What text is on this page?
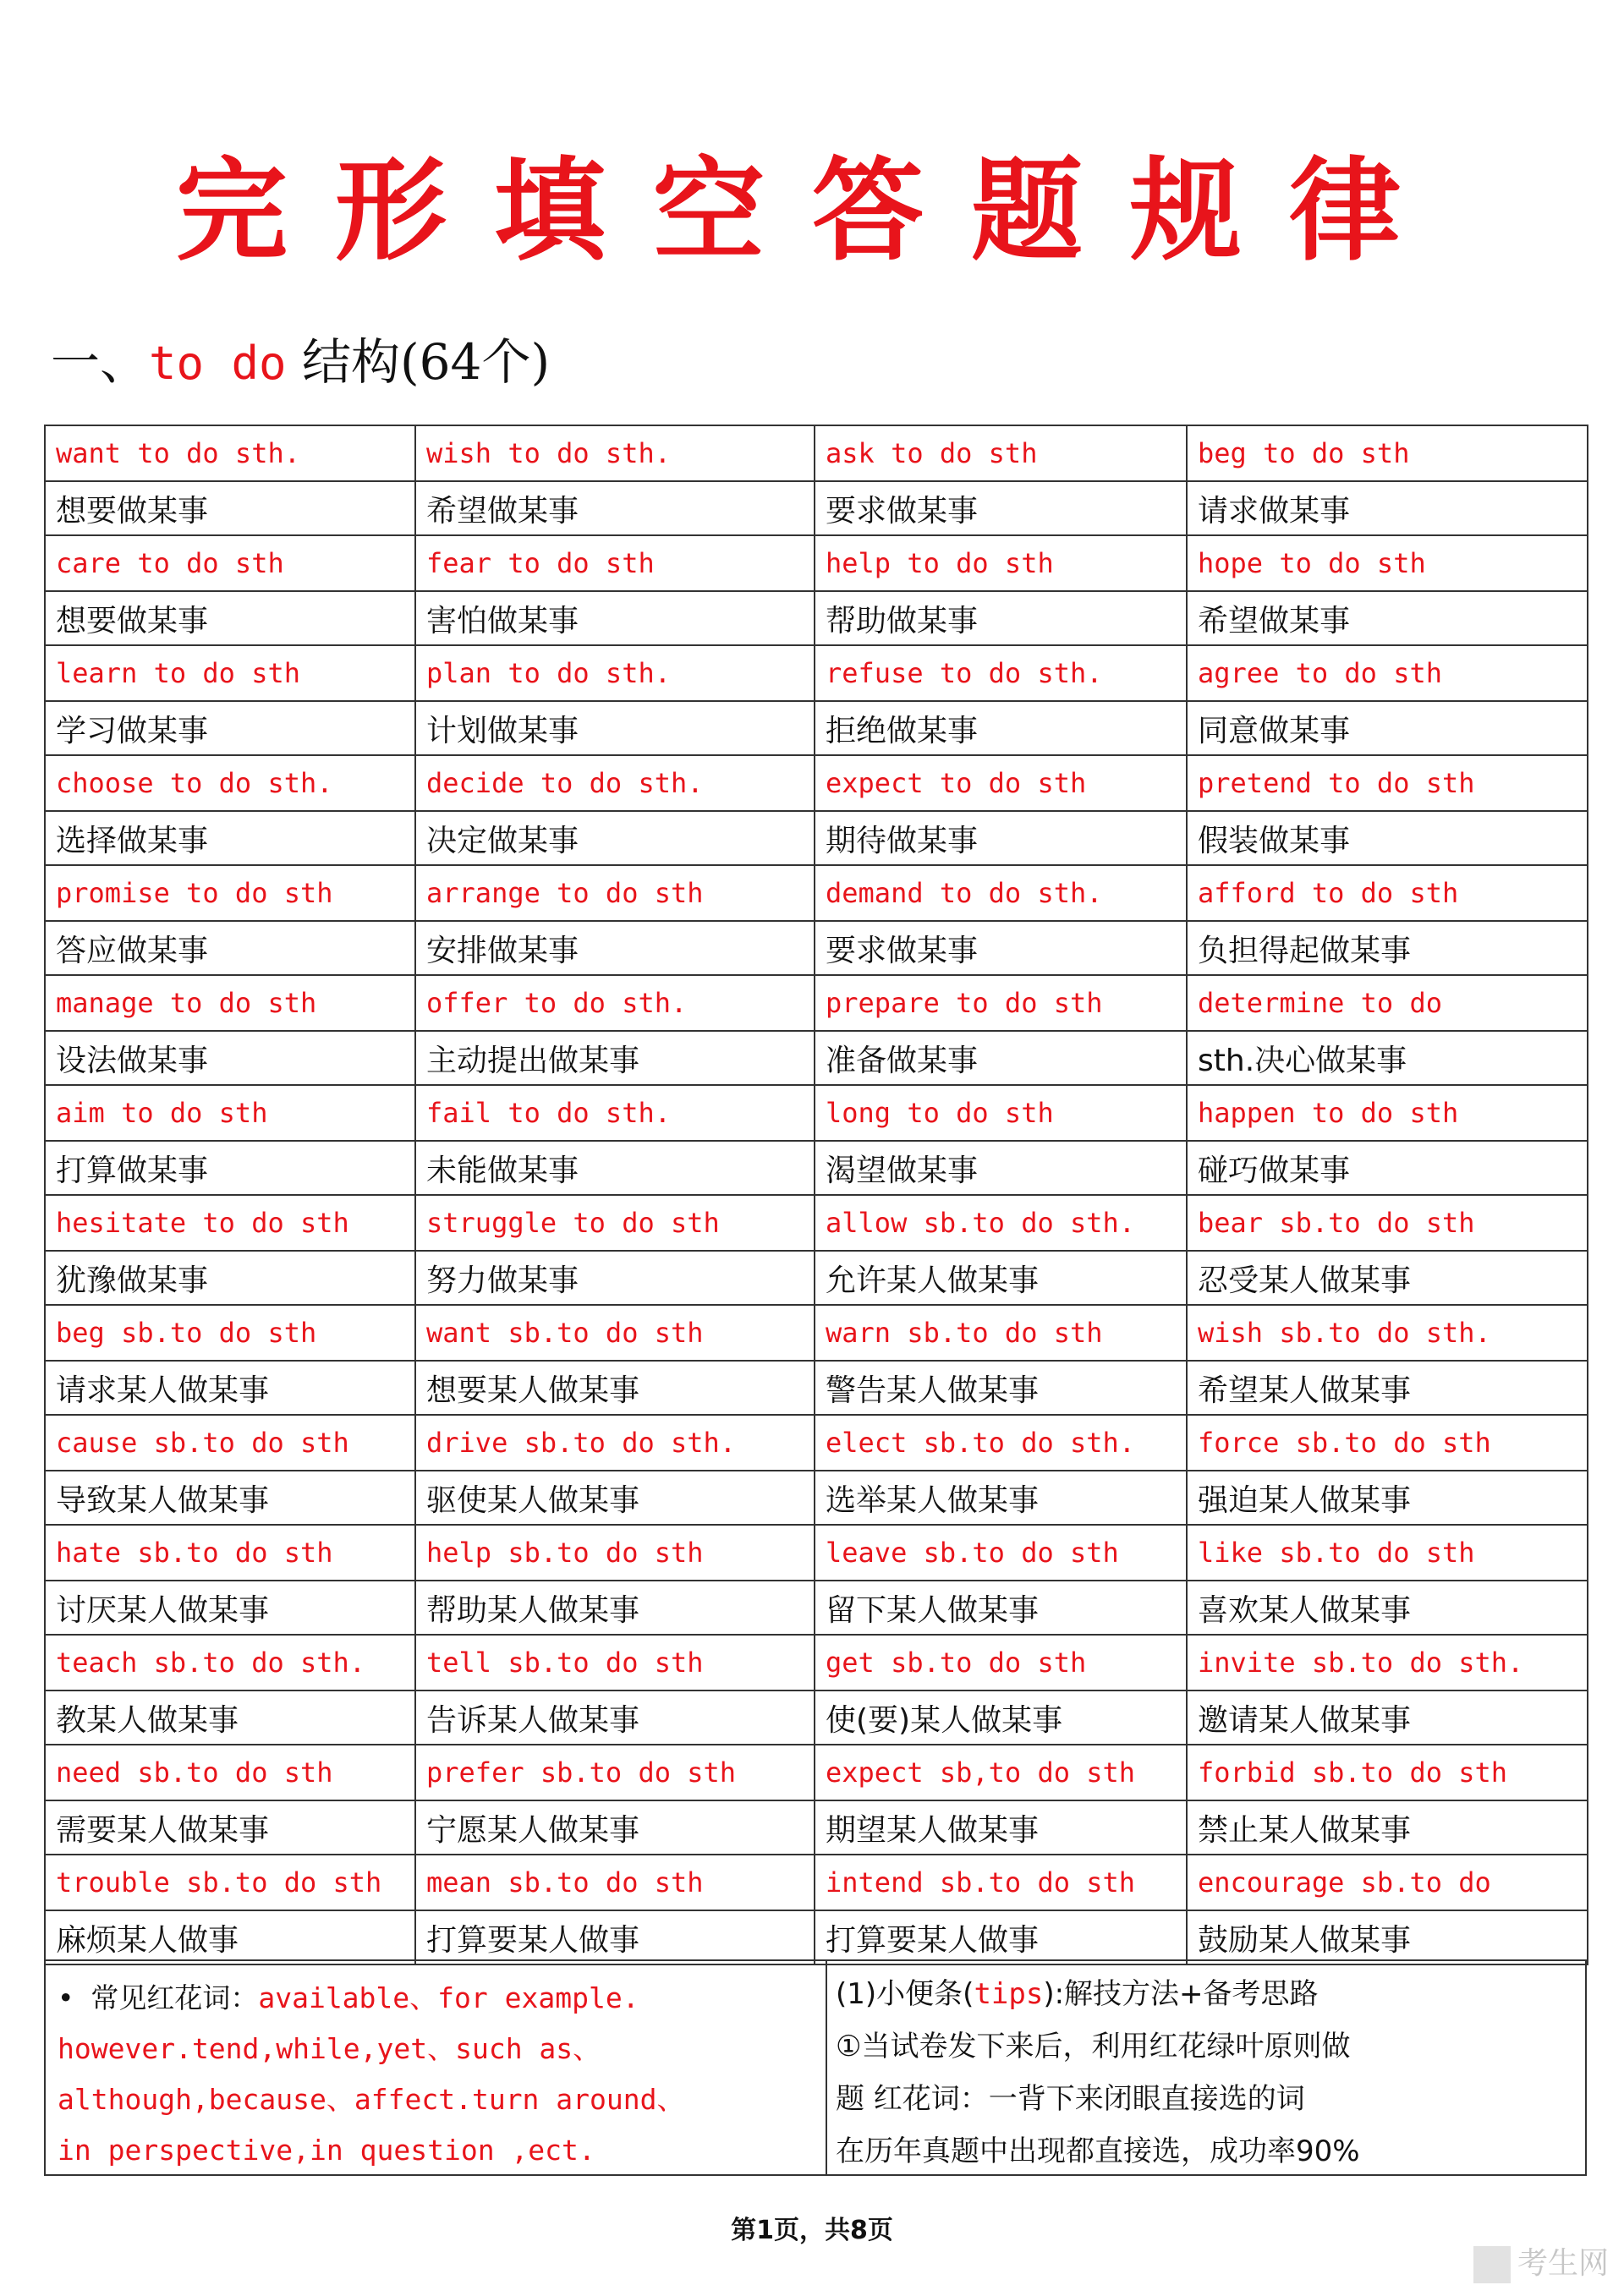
完形填空答题规律
一、to do 结构(64个)
want to do sth.	wish to do sth.	ask to do sth	beg to do sth
想要做某事	希望做某事	要求做某事	请求做某事
care to do sth	fear to do sth	help to do sth	hope to do sth
想要做某事	害怕做某事	帮助做某事	希望做某事
learn to do sth	plan to do sth.	refuse to do sth.	agree to do sth
学习做某事	计划做某事	拒绝做某事	同意做某事
choose to do sth.	decide to do sth.	expect to do sth	pretend to do sth
选择做某事	决定做某事	期待做某事	假装做某事
promise to do sth	arrange to do sth	demand to do sth.	afford to do sth
答应做某事	安排做某事	要求做某事	负担得起做某事
manage to do sth	offer to do sth.	prepare to do sth	determine to do
设法做某事	主动提出做某事	准备做某事	sth.决心做某事
aim to do sth	fail to do sth.	long to do sth	happen to do sth
打算做某事	未能做某事	渴望做某事	碰巧做某事
hesitate to do sth	struggle to do sth	allow sb.to do sth.	bear sb.to do sth
犹豫做某事	努力做某事	允许某人做某事	忍受某人做某事
beg sb.to do sth	want sb.to do sth	warn sb.to do sth	wish sb.to do sth.
请求某人做某事	想要某人做某事	警告某人做某事	希望某人做某事
cause sb.to do sth	drive sb.to do sth.	elect sb.to do sth.	force sb.to do sth
导致某人做某事	驱使某人做某事	选举某人做某事	强迫某人做某事
hate sb.to do sth	help sb.to do sth	leave sb.to do sth	like sb.to do sth
讨厌某人做某事	帮助某人做某事	留下某人做某事	喜欢某人做某事
teach sb.to do sth.	tell sb.to do sth	get sb.to do sth	invite sb.to do sth.
教某人做某事	告诉某人做某事	使(要)某人做某事	邀请某人做某事
need sb.to do sth	prefer sb.to do sth	expect sb,to do sth	forbid sb.to do sth
需要某人做某事	宁愿某人做某事	期望某人做某事	禁止某人做某事
trouble sb.to do sth	mean sb.to do sth	intend sb.to do sth	encourage sb.to do
麻烦某人做事	打算要某人做事	打算要某人做事	鼓励某人做某事
• 常见红花词：available、for example.
however.tend,while,yet、such as、
although,because、affect.turn around、
in perspective,in question ,ect.
(1)小便条(tips):解技方法+备考思路
①当试卷发下来后，利用红花绿叶原则做
题 红花词：一背下来闭眼直接选的词
在历年真题中出现都直接选，成功率90%
第1页，共8页
考生网
